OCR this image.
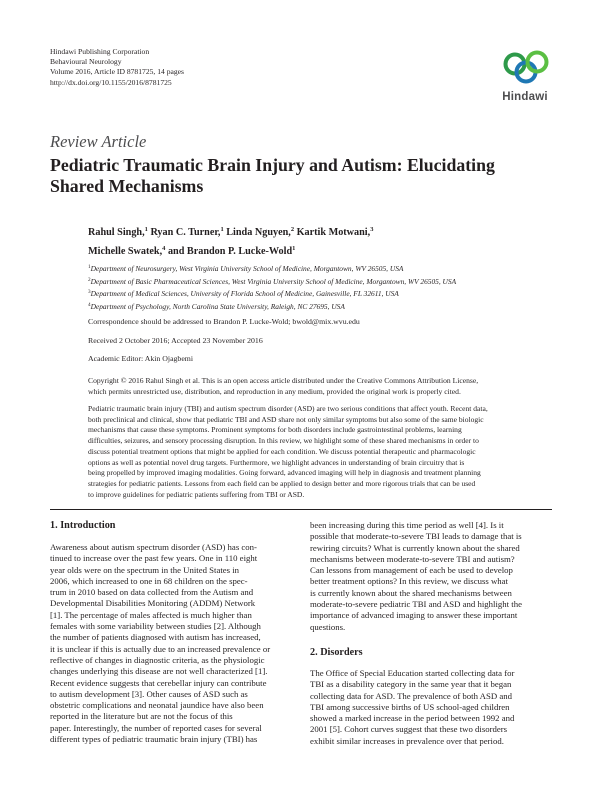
Hindawi Publishing Corporation
Behavioural Neurology
Volume 2016, Article ID 8781725, 14 pages
http://dx.doi.org/10.1155/2016/8781725
Hindawi
Review Article
Pediatric Traumatic Brain Injury and Autism: Elucidating
Shared Mechanisms
Rahul Singh,$^1$ Ryan C. Turner,$^1$ Linda Nguyen,$^2$ Kartik Motwani,$^3$
Michelle Swatek,$^4$ and Brandon P. Lucke-Wold$^1$
$^1$Department of Neurosurgery, West Virginia University School of Medicine, Morgantown, WV 26505, USA
$^2$Department of Basic Pharmaceutical Sciences, West Virginia University School of Medicine, Morgantown, WV 26505, USA
$^3$Department of Medical Sciences, University of Florida School of Medicine, Gainesville, FL 32611, USA
$^4$Department of Psychology, North Carolina State University, Raleigh, NC 27695, USA
Correspondence should be addressed to Brandon P. Lucke-Wold; bwold@mix.wvu.edu
Received 2 October 2016; Accepted 23 November 2016
Academic Editor: Akin Ojagbemi
Copyright © 2016 Rahul Singh et al. This is an open access article distributed under the Creative Commons Attribution License,
which permits unrestricted use, distribution, and reproduction in any medium, provided the original work is properly cited.
Pediatric traumatic brain injury (TBI) and autism spectrum disorder (ASD) are two serious conditions that affect youth. Recent data,
both preclinical and clinical, show that pediatric TBI and ASD share not only similar symptoms but also some of the same biologic
mechanisms that cause these symptoms. Prominent symptoms for both disorders include gastrointestinal problems, learning
difficulties, seizures, and sensory processing disruption. In this review, we highlight some of these shared mechanisms in order to
discuss potential treatment options that might be applied for each condition. We discuss potential therapeutic and pharmacologic
options as well as potential novel drug targets. Furthermore, we highlight advances in understanding of brain circuitry that is
being propelled by improved imaging modalities. Going forward, advanced imaging will help in diagnosis and treatment planning
strategies for pediatric patients. Lessons from each field can be applied to design better and more rigorous trials that can be used
to improve guidelines for pediatric patients suffering from TBI or ASD.
1. Introduction
Awareness about autism spectrum disorder (ASD) has con-
tinued to increase over the past few years. One in 110 eight
year olds were on the spectrum in the United States in
2006, which increased to one in 68 children on the spec-
trum in 2010 based on data collected from the Autism and
Developmental Disabilities Monitoring (ADDM) Network
[1]. The percentage of males affected is much higher than
females with some variability between studies [2]. Although
the number of patients diagnosed with autism has increased,
it is unclear if this is actually due to an increased prevalence or
reflective of changes in diagnostic criteria, as the physiologic
changes underlying this disease are not well characterized [1].
Recent evidence suggests that cerebellar injury can contribute
to autism development [3]. Other causes of ASD such as
obstetric complications and neonatal jaundice have also been
reported in the literature but are not the focus of this
paper. Interestingly, the number of reported cases for several
different types of pediatric traumatic brain injury (TBI) has
been increasing during this time period as well [4]. Is it
possible that moderate-to-severe TBI leads to damage that is
rewiring circuits? What is currently known about the shared
mechanisms between moderate-to-severe TBI and autism?
Can lessons from management of each be used to develop
better treatment options? In this review, we discuss what
is currently known about the shared mechanisms between
moderate-to-severe pediatric TBI and ASD and highlight the
importance of advanced imaging to answer these important
questions.
2. Disorders
The Office of Special Education started collecting data for
TBI as a disability category in the same year that it began
collecting data for ASD. The prevalence of both ASD and
TBI among successive births of US school-aged children
showed a marked increase in the period between 1992 and
2001 [5]. Cohort curves suggest that these two disorders
exhibit similar increases in prevalence over that period.
